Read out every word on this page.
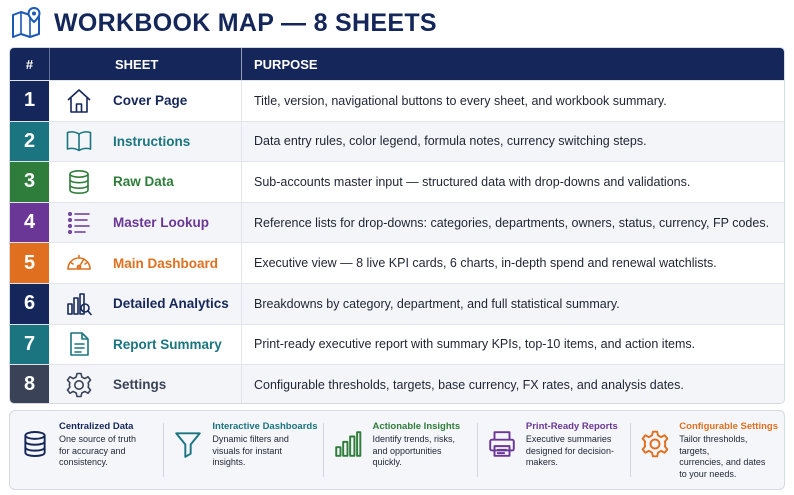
WORKBOOK MAP — 8 SHEETS
#	SHEET	PURPOSE
1	Cover Page	Title, version, navigational buttons to every sheet, and workbook summary.
2	Instructions	Data entry rules, color legend, formula notes, currency switching steps.
3	Raw Data	Sub-accounts master input — structured data with drop-downs and validations.
4	Master Lookup	Reference lists for drop-downs: categories, departments, owners, status, currency, FP codes.
5	Main Dashboard	Executive view — 8 live KPI cards, 6 charts, in-depth spend and renewal watchlists.
6	Detailed Analytics	Breakdowns by category, department, and full statistical summary.
7	Report Summary	Print-ready executive report with summary KPIs, top-10 items, and action items.
8	Settings	Configurable thresholds, targets, base currency, FX rates, and analysis dates.
Centralized Data
One source of truth
for accuracy and
consistency.
Interactive Dashboards
Dynamic filters and
visuals for instant
insights.
Actionable Insights
Identify trends, risks,
and opportunities
quickly.
Print-Ready Reports
Executive summaries
designed for decision-
makers.
Configurable Settings
Tailor thresholds, targets,
currencies, and dates
to your needs.
